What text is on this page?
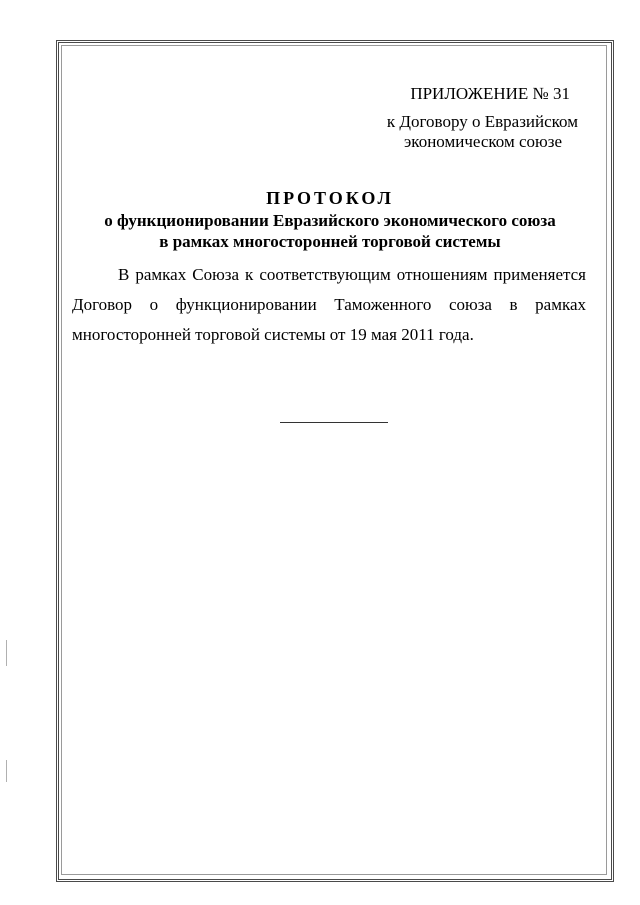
ПРИЛОЖЕНИЕ № 31
к Договору о Евразийском
экономическом союзе
ПРОТОКОЛ
о функционировании Евразийского экономического союза
в рамках многосторонней торговой системы
В рамках Союза к соответствующим отношениям применяется
Договор о функционировании Таможенного союза в рамках
многосторонней торговой системы от 19 мая 2011 года.
